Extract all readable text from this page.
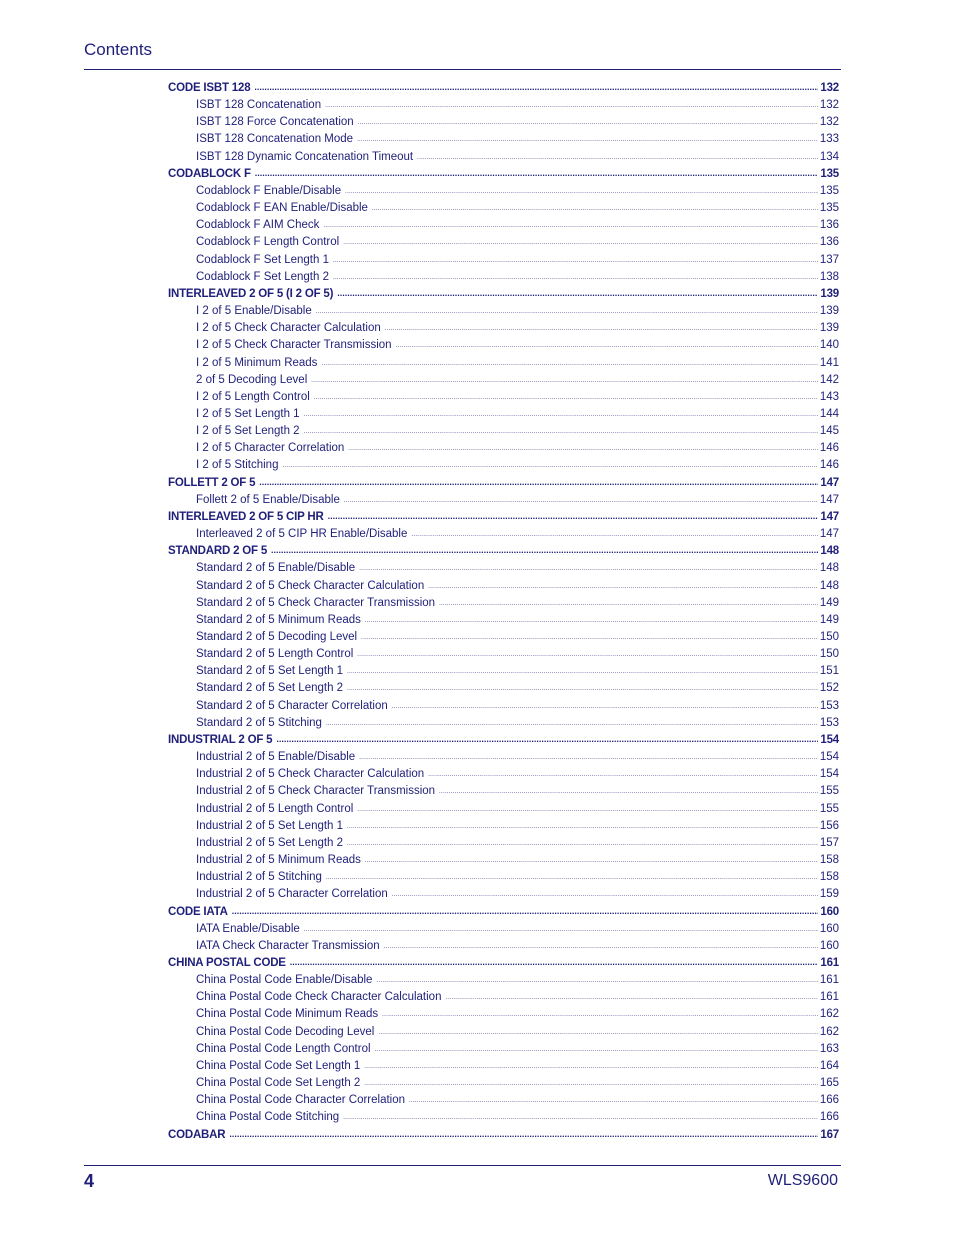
Contents
CODE ISBT 128 .....	132
ISBT 128 Concatenation .....	132
ISBT 128 Force Concatenation .....	132
ISBT 128 Concatenation Mode .....	133
ISBT 128 Dynamic Concatenation Timeout .....	134
CODABLOCK F .....	135
Codablock F Enable/Disable .....	135
Codablock F EAN Enable/Disable .....	135
Codablock F AIM Check .....	136
Codablock F Length Control .....	136
Codablock F Set Length 1 .....	137
Codablock F Set Length 2 .....	138
INTERLEAVED 2 OF 5 (I 2 OF 5) .....	139
I 2 of 5 Enable/Disable .....	139
I 2 of 5 Check Character Calculation .....	139
I 2 of 5 Check Character Transmission .....	140
I 2 of 5 Minimum Reads .....	141
2 of 5 Decoding Level .....	142
I 2 of 5 Length Control .....	143
I 2 of 5 Set Length 1 .....	144
I 2 of 5 Set Length 2 .....	145
I 2 of 5 Character Correlation .....	146
I 2 of 5 Stitching .....	146
FOLLETT 2 OF 5 .....	147
Follett 2 of 5 Enable/Disable .....	147
INTERLEAVED 2 OF 5 CIP HR .....	147
Interleaved 2 of 5 CIP HR Enable/Disable .....	147
STANDARD 2 OF 5 .....	148
Standard 2 of 5 Enable/Disable .....	148
Standard 2 of 5 Check Character Calculation .....	148
Standard 2 of 5 Check Character Transmission .....	149
Standard 2 of 5 Minimum Reads .....	149
Standard 2 of 5 Decoding Level .....	150
Standard 2 of 5 Length Control .....	150
Standard 2 of 5 Set Length 1 .....	151
Standard 2 of 5 Set Length 2 .....	152
Standard 2 of 5 Character Correlation .....	153
Standard 2 of 5 Stitching .....	153
INDUSTRIAL 2 OF 5 .....	154
Industrial 2 of 5 Enable/Disable .....	154
Industrial 2 of 5 Check Character Calculation .....	154
Industrial 2 of 5 Check Character Transmission .....	155
Industrial 2 of 5 Length Control .....	155
Industrial 2 of 5 Set Length 1 .....	156
Industrial 2 of 5 Set Length 2 .....	157
Industrial 2 of 5 Minimum Reads .....	158
Industrial 2 of 5 Stitching .....	158
Industrial 2 of 5 Character Correlation .....	159
CODE IATA .....	160
IATA Enable/Disable .....	160
IATA Check Character Transmission .....	160
CHINA POSTAL CODE .....	161
China Postal Code Enable/Disable .....	161
China Postal Code Check Character Calculation .....	161
China Postal Code Minimum Reads .....	162
China Postal Code Decoding Level .....	162
China Postal Code Length Control .....	163
China Postal Code Set Length 1 .....	164
China Postal Code Set Length 2 .....	165
China Postal Code Character Correlation .....	166
China Postal Code Stitching .....	166
CODABAR .....	167
4	WLS9600
